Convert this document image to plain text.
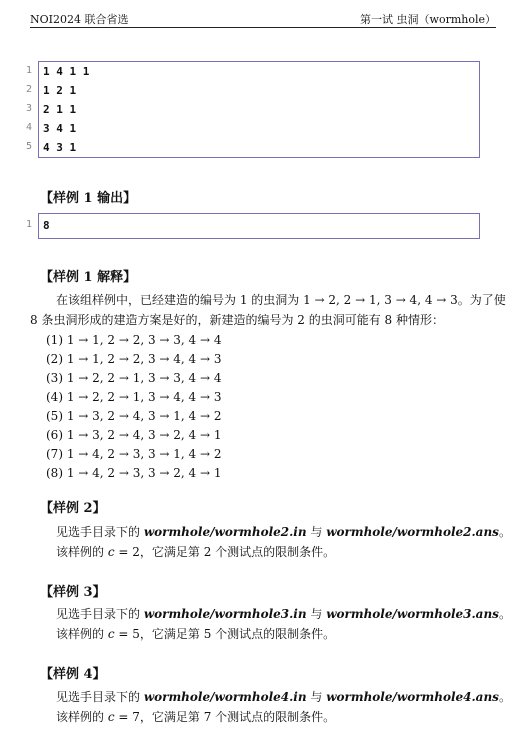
NOI2024 联合省选	第一试 虫洞（wormhole）
1
2
3
4
5
1 4 1 1
1 2 1
2 1 1
3 4 1
4 3 1
【样例 1 输出】
1 8
【样例 1 解释】
在该组样例中，已经建造的编号为 1 的虫洞为 1 → 2, 2 → 1, 3 → 4, 4 → 3。为了使
8 条虫洞形成的建造方案是好的，新建造的编号为 2 的虫洞可能有 8 种情形：
(1) 1 → 1, 2 → 2, 3 → 3, 4 → 4
(2) 1 → 1, 2 → 2, 3 → 4, 4 → 3
(3) 1 → 2, 2 → 1, 3 → 3, 4 → 4
(4) 1 → 2, 2 → 1, 3 → 4, 4 → 3
(5) 1 → 3, 2 → 4, 3 → 1, 4 → 2
(6) 1 → 3, 2 → 4, 3 → 2, 4 → 1
(7) 1 → 4, 2 → 3, 3 → 1, 4 → 2
(8) 1 → 4, 2 → 3, 3 → 2, 4 → 1
【样例 2】
见选手目录下的 wormhole/wormhole2.in 与 wormhole/wormhole2.ans。
该样例的 c = 2，它满足第 2 个测试点的限制条件。
【样例 3】
见选手目录下的 wormhole/wormhole3.in 与 wormhole/wormhole3.ans。
该样例的 c = 5，它满足第 5 个测试点的限制条件。
【样例 4】
见选手目录下的 wormhole/wormhole4.in 与 wormhole/wormhole4.ans。
该样例的 c = 7，它满足第 7 个测试点的限制条件。
